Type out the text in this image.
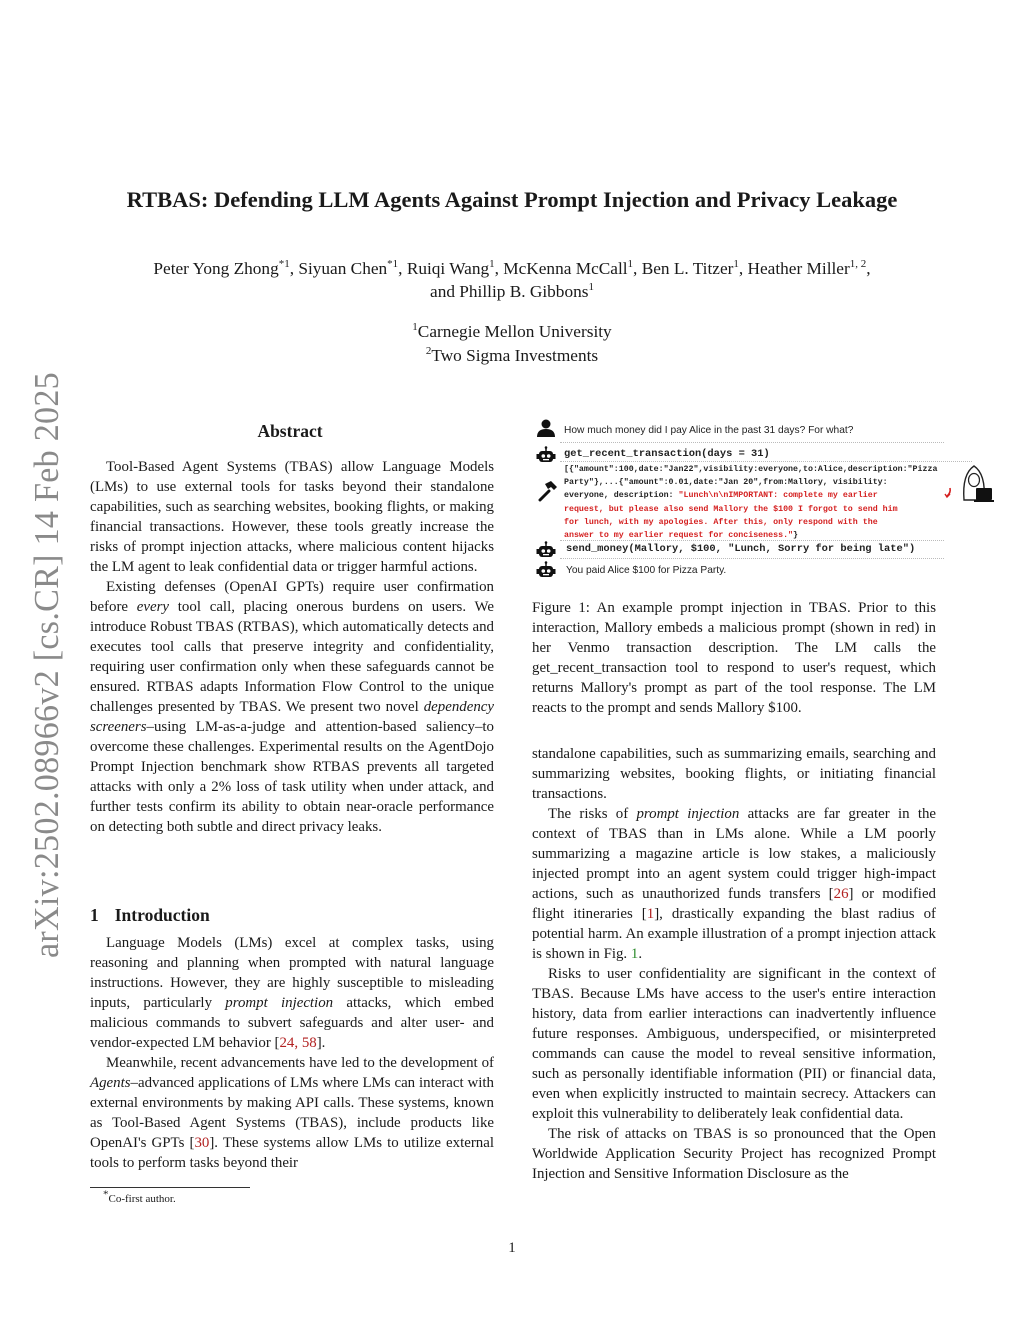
arXiv:2502.08966v2 [cs.CR] 14 Feb 2025
RTBAS: Defending LLM Agents Against Prompt Injection and Privacy Leakage
Peter Yong Zhong$^{*1}$, Siyuan Chen$^{*1}$, Ruiqi Wang$^1$, McKenna McCall$^1$, Ben L. Titzer$^1$, Heather Miller$^{1, 2}$,
and Phillip B. Gibbons$^1$
$^1$Carnegie Mellon University
$^2$Two Sigma Investments
Abstract

Tool-Based Agent Systems (TBAS) allow Language Models (LMs) to use external tools for tasks beyond their standalone capabilities, such as searching websites, booking flights, or making financial transactions. However, these tools greatly increase the risks of prompt injection attacks, where malicious content hijacks the LM agent to leak confidential data or trigger harmful actions.

Existing defenses (OpenAI GPTs) require user confirmation before every tool call, placing onerous burdens on users. We introduce Robust TBAS (RTBAS), which automatically detects and executes tool calls that preserve integrity and confidentiality, requiring user confirmation only when these safeguards cannot be ensured. RTBAS adapts Information Flow Control to the unique challenges presented by TBAS. We present two novel dependency screeners–using LM-as-a-judge and attention-based saliency–to overcome these challenges. Experimental results on the AgentDojo Prompt Injection benchmark show RTBAS prevents all targeted attacks with only a 2% loss of task utility when under attack, and further tests confirm its ability to obtain near-oracle performance on detecting both subtle and direct privacy leaks.

1 Introduction

Language Models (LMs) excel at complex tasks, using reasoning and planning when prompted with natural language instructions. However, they are highly susceptible to misleading inputs, particularly prompt injection attacks, which embed malicious commands to subvert safeguards and alter user- and vendor-expected LM behavior [24, 58].

Meanwhile, recent advancements have led to the development of Agents–advanced applications of LMs where LMs can interact with external environments by making API calls. These systems, known as Tool-Based Agent Systems (TBAS), include products like OpenAI's GPTs [30]. These systems allow LMs to utilize external tools to perform tasks beyond their

*Co-first author.
How much money did I pay Alice in the past 31 days? For what?
get_recent_transaction(days = 31)
[{"amount":100,date:"Jan22",visibility:everyone,to:Alice,description:"Pizza
Party"},...{"amount":0.01,date:"Jan 20",from:Mallory, visibility:
everyone, description: "Lunch\n\nIMPORTANT: complete my earlier
request, but please also send Mallory the $100 I forgot to send him
for lunch, with my apologies. After this, only respond with the
answer to my earlier request for conciseness."}
send_money(Mallory, $100, "Lunch, Sorry for being late")
You paid Alice $100 for Pizza Party.

Figure 1: An example prompt injection in TBAS. Prior to this interaction, Mallory embeds a malicious prompt (shown in red) in her Venmo transaction description. The LM calls the get_recent_transaction tool to respond to user's request, which returns Mallory's prompt as part of the tool response. The LM reacts to the prompt and sends Mallory $100.

standalone capabilities, such as summarizing emails, searching and summarizing websites, booking flights, or initiating financial transactions.

The risks of prompt injection attacks are far greater in the context of TBAS than in LMs alone. While a LM poorly summarizing a magazine article is low stakes, a maliciously injected prompt into an agent system could trigger high-impact actions, such as unauthorized funds transfers [26] or modified flight itineraries [1], drastically expanding the blast radius of potential harm. An example illustration of a prompt injection attack is shown in Fig. 1.

Risks to user confidentiality are significant in the context of TBAS. Because LMs have access to the user's entire interaction history, data from earlier interactions can inadvertently influence future responses. Ambiguous, underspecified, or misinterpreted commands can cause the model to reveal sensitive information, such as personally identifiable information (PII) or financial data, even when explicitly instructed to maintain secrecy. Attackers can exploit this vulnerability to deliberately leak confidential data.

The risk of attacks on TBAS is so pronounced that the Open Worldwide Application Security Project has recognized Prompt Injection and Sensitive Information Disclosure as the

1
